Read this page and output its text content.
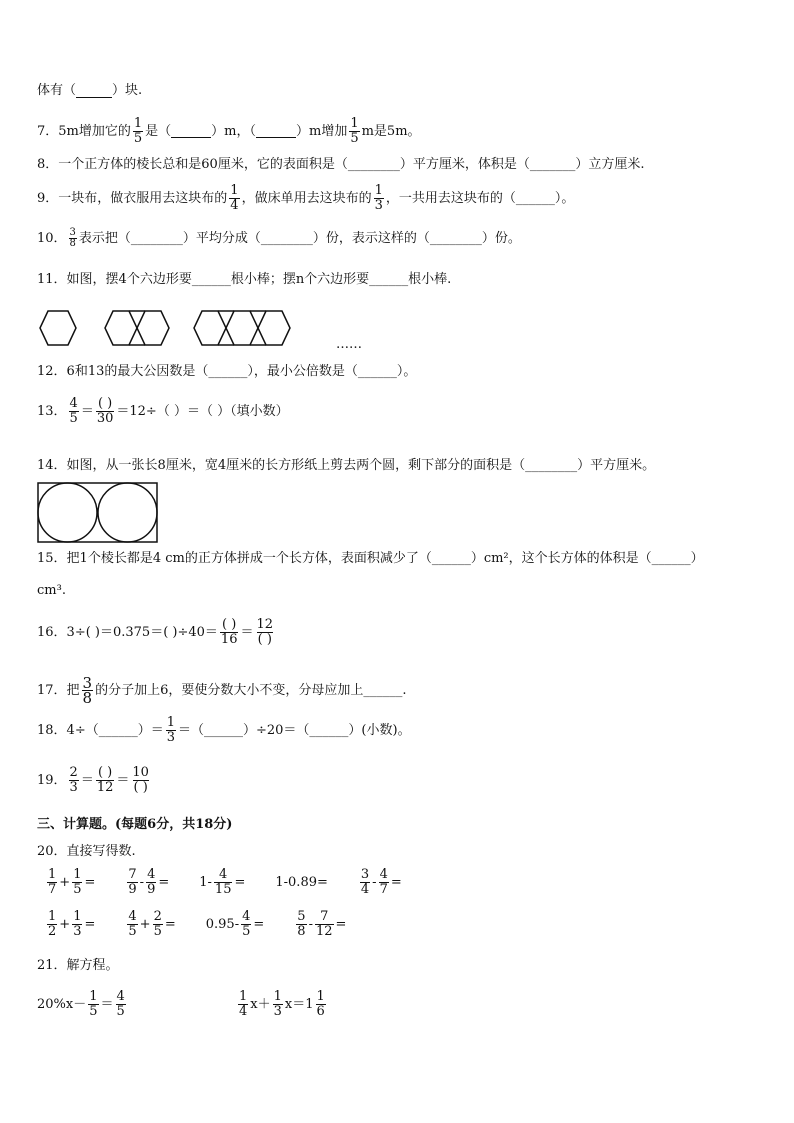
体有（	）块.
7．5m增加它的 $\frac{1}{5}$ 是（	）m，（	）m增加 $\frac{1}{5}$ m是5m。
8．一个正方体的棱长总和是60厘米，它的表面积是（________）平方厘米，体积是（_______）立方厘米.
9．一块布，做衣服用去这块布的 $\frac{1}{4}$ ，做床单用去这块布的 $\frac{1}{3}$ ，一共用去这块布的（______）。
10． $\frac{3}{8}$ 表示把（________）平均分成（________）份，表示这样的（________）份。
11．如图，摆4个六边形要______根小棒；摆n个六边形要______根小棒.
……
12．6和13的最大公因数是（______），最小公倍数是（______）。
13． $\frac{4}{5} = \frac{( )}{30} =12\div$（ ）＝（ ）（填小数）
14．如图，从一张长8厘米，宽4厘米的长方形纸上剪去两个圆，剩下部分的面积是（________）平方厘米。
15．把1个棱长都是4 cm的正方体拼成一个长方体，表面积减少了（______）cm²，这个长方体的体积是（______）
cm³.
16．3÷( )＝0.375＝( )$\div 40= \frac{( )}{16} = \frac{12}{( )}$
17．把 $\frac{3}{8}$ 的分子加上6，要使分数大小不变，分母应加上______.
18．4÷（______）＝ $\frac{1}{3}$ ＝（______）÷20＝（______）(小数)。
19． $\frac{2}{3} = \frac{( )}{12} = \frac{10}{( )}$
三、计算题。(每题6分，共18分)
20．直接写得数.
$\frac{1}{7} + \frac{1}{5} = \frac{7}{9} - \frac{4}{9} = 1- \frac{4}{15} = 1-0.89= \frac{3}{4} - \frac{4}{7}$ =
$\frac{1}{2} + \frac{1}{3} = \frac{4}{5} + \frac{2}{5} = 0.95- \frac{4}{5} = \frac{5}{8} - \frac{7}{12}$ =
21．解方程。
$20\%x- \frac{1}{5} = \frac{4}{5}$	$\frac{1}{4} x+ \frac{1}{3} x=1 \frac{1}{6}$
